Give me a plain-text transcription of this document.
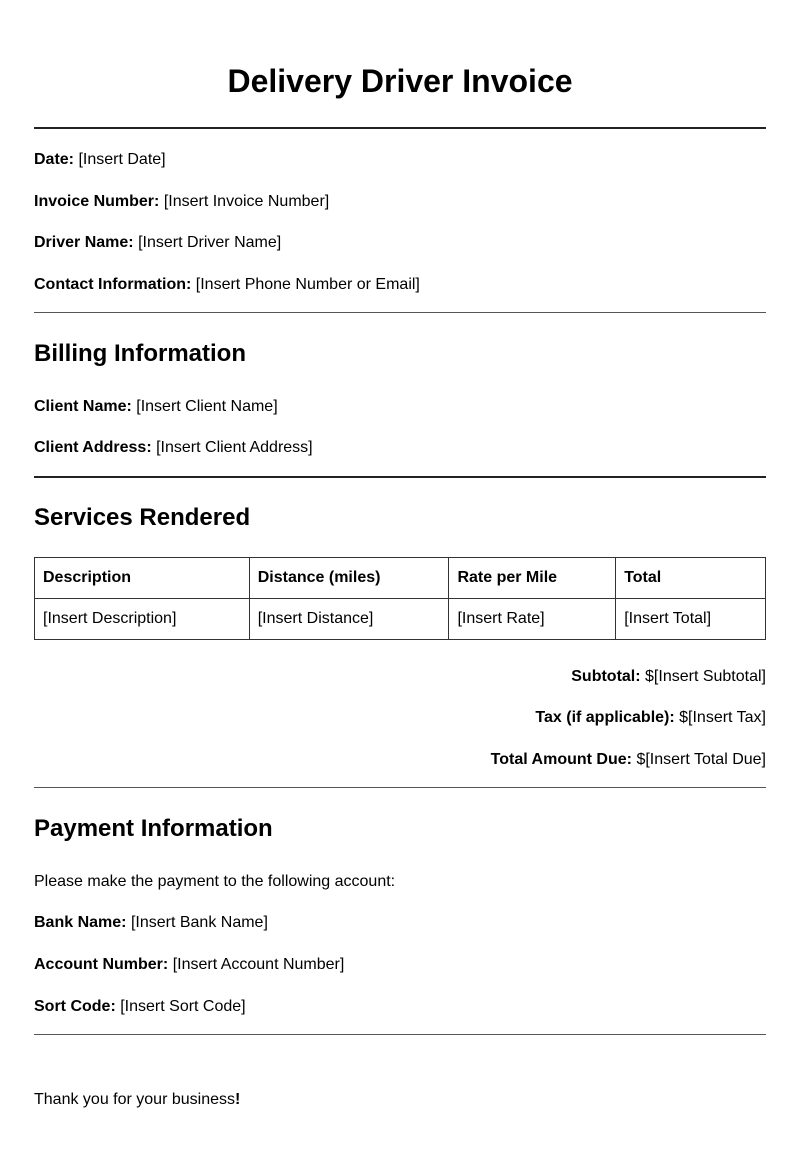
Delivery Driver Invoice
Date: [Insert Date]
Invoice Number: [Insert Invoice Number]
Driver Name: [Insert Driver Name]
Contact Information: [Insert Phone Number or Email]
Billing Information
Client Name: [Insert Client Name]
Client Address: [Insert Client Address]
Services Rendered
Description	Distance (miles)	Rate per Mile	Total
[Insert Description]	[Insert Distance]	[Insert Rate]	[Insert Total]
Subtotal: $[Insert Subtotal]
Tax (if applicable): $[Insert Tax]
Total Amount Due: $[Insert Total Due]
Payment Information
Please make the payment to the following account:
Bank Name: [Insert Bank Name]
Account Number: [Insert Account Number]
Sort Code: [Insert Sort Code]
Thank you for your business!
